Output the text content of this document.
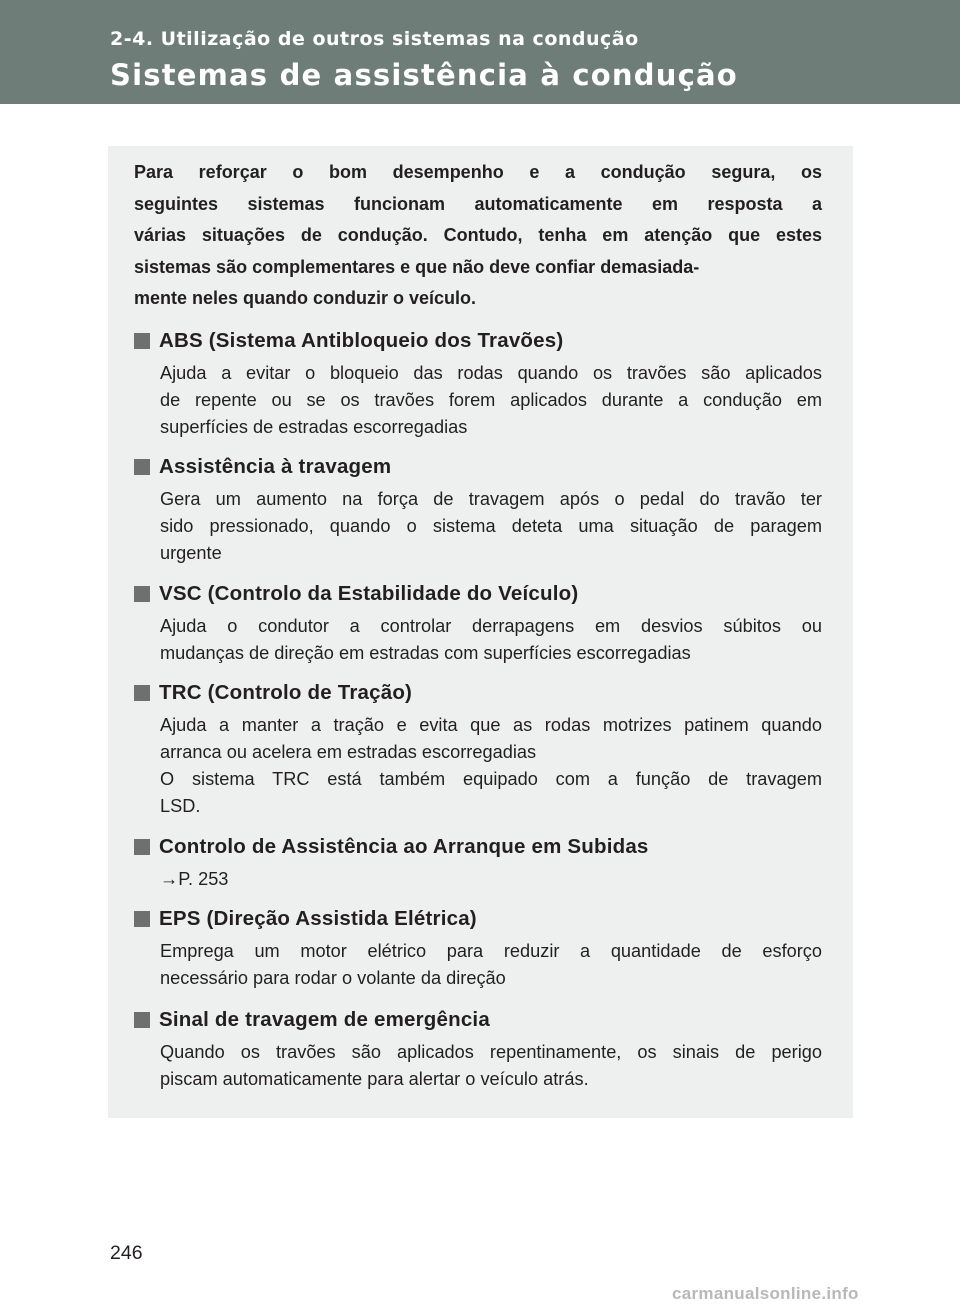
2-4. Utilização de outros sistemas na condução
Sistemas de assistência à condução
Para reforçar o bom desempenho e a condução segura, os
seguintes sistemas funcionam automaticamente em resposta a
várias situações de condução. Contudo, tenha em atenção que estes
sistemas são complementares e que não deve confiar demasiada-
mente neles quando conduzir o veículo.
ABS (Sistema Antibloqueio dos Travões)

Ajuda a evitar o bloqueio das rodas quando os travões são aplicados

de repente ou se os travões forem aplicados durante a condução em

superfícies de estradas escorregadias

Assistência à travagem

Gera um aumento na força de travagem após o pedal do travão ter

sido pressionado, quando o sistema deteta uma situação de paragem

urgente

VSC (Controlo da Estabilidade do Veículo)

Ajuda o condutor a controlar derrapagens em desvios súbitos ou

mudanças de direção em estradas com superfícies escorregadias

TRC (Controlo de Tração)

Ajuda a manter a tração e evita que as rodas motrizes patinem quando

arranca ou acelera em estradas escorregadias

O sistema TRC está também equipado com a função de travagem

LSD.

Controlo de Assistência ao Arranque em Subidas

→P. 253

EPS (Direção Assistida Elétrica)

Emprega um motor elétrico para reduzir a quantidade de esforço

necessário para rodar o volante da direção

Sinal de travagem de emergência

Quando os travões são aplicados repentinamente, os sinais de perigo

piscam automaticamente para alertar o veículo atrás.

246
carmanualsonline.info
